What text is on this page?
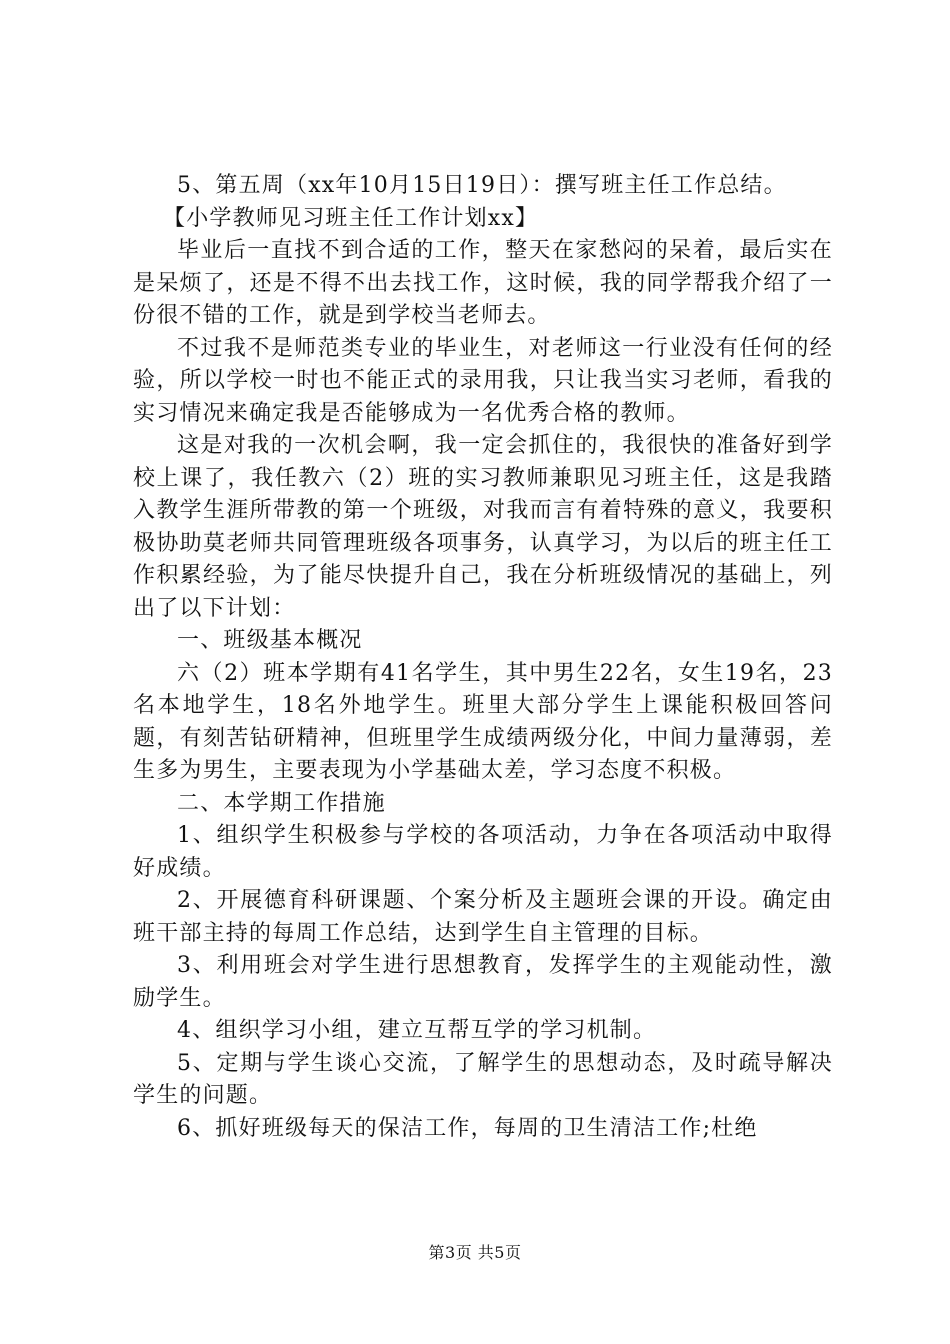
5、第五周（xx年10月15日19日）：撰写班主任工作总结。

【小学教师见习班主任工作计划xx】

毕业后一直找不到合适的工作，整天在家愁闷的呆着，最后实在是呆烦了，还是不得不出去找工作，这时候，我的同学帮我介绍了一份很不错的工作，就是到学校当老师去。

不过我不是师范类专业的毕业生，对老师这一行业没有任何的经验，所以学校一时也不能正式的录用我，只让我当实习老师，看我的实习情况来确定我是否能够成为一名优秀合格的教师。

这是对我的一次机会啊，我一定会抓住的，我很快的准备好到学校上课了，我任教六（2）班的实习教师兼职见习班主任，这是我踏入教学生涯所带教的第一个班级，对我而言有着特殊的意义，我要积极协助莫老师共同管理班级各项事务，认真学习，为以后的班主任工作积累经验，为了能尽快提升自己，我在分析班级情况的基础上，列出了以下计划：

一、班级基本概况

六（2）班本学期有41名学生，其中男生22名，女生19名，23名本地学生，18名外地学生。班里大部分学生上课能积极回答问题，有刻苦钻研精神，但班里学生成绩两级分化，中间力量薄弱，差生多为男生，主要表现为小学基础太差，学习态度不积极。

二、本学期工作措施

1、组织学生积极参与学校的各项活动，力争在各项活动中取得好成绩。

2、开展德育科研课题、个案分析及主题班会课的开设。确定由班干部主持的每周工作总结，达到学生自主管理的目标。

3、利用班会对学生进行思想教育，发挥学生的主观能动性，激励学生。

4、组织学习小组，建立互帮互学的学习机制。

5、定期与学生谈心交流，了解学生的思想动态，及时疏导解决学生的问题。

6、抓好班级每天的保洁工作，每周的卫生清洁工作;杜绝

第3页 共5页
